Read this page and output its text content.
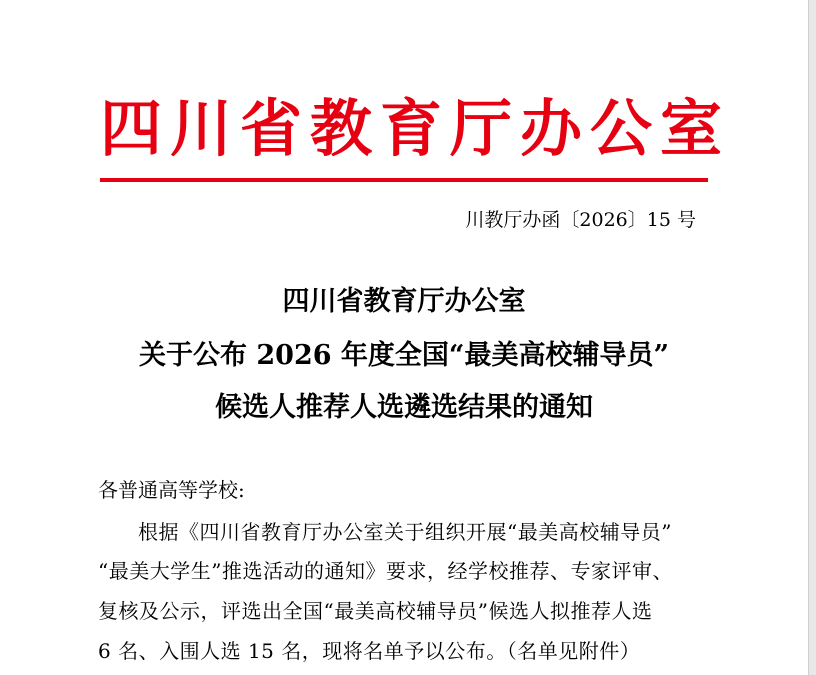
四川省教育厅办公室
川教厅办函〔2026〕15 号
四川省教育厅办公室
关于公布 2026 年度全国“最美高校辅导员”
候选人推荐人选遴选结果的通知
各普通高等学校:
根据《四川省教育厅办公室关于组织开展“最美高校辅导员”
“最美大学生”推选活动的通知》要求，经学校推荐、专家评审、
复核及公示，评选出全国“最美高校辅导员”候选人拟推荐人选
6 名、入围人选 15 名，现将名单予以公布。（名单见附件）
